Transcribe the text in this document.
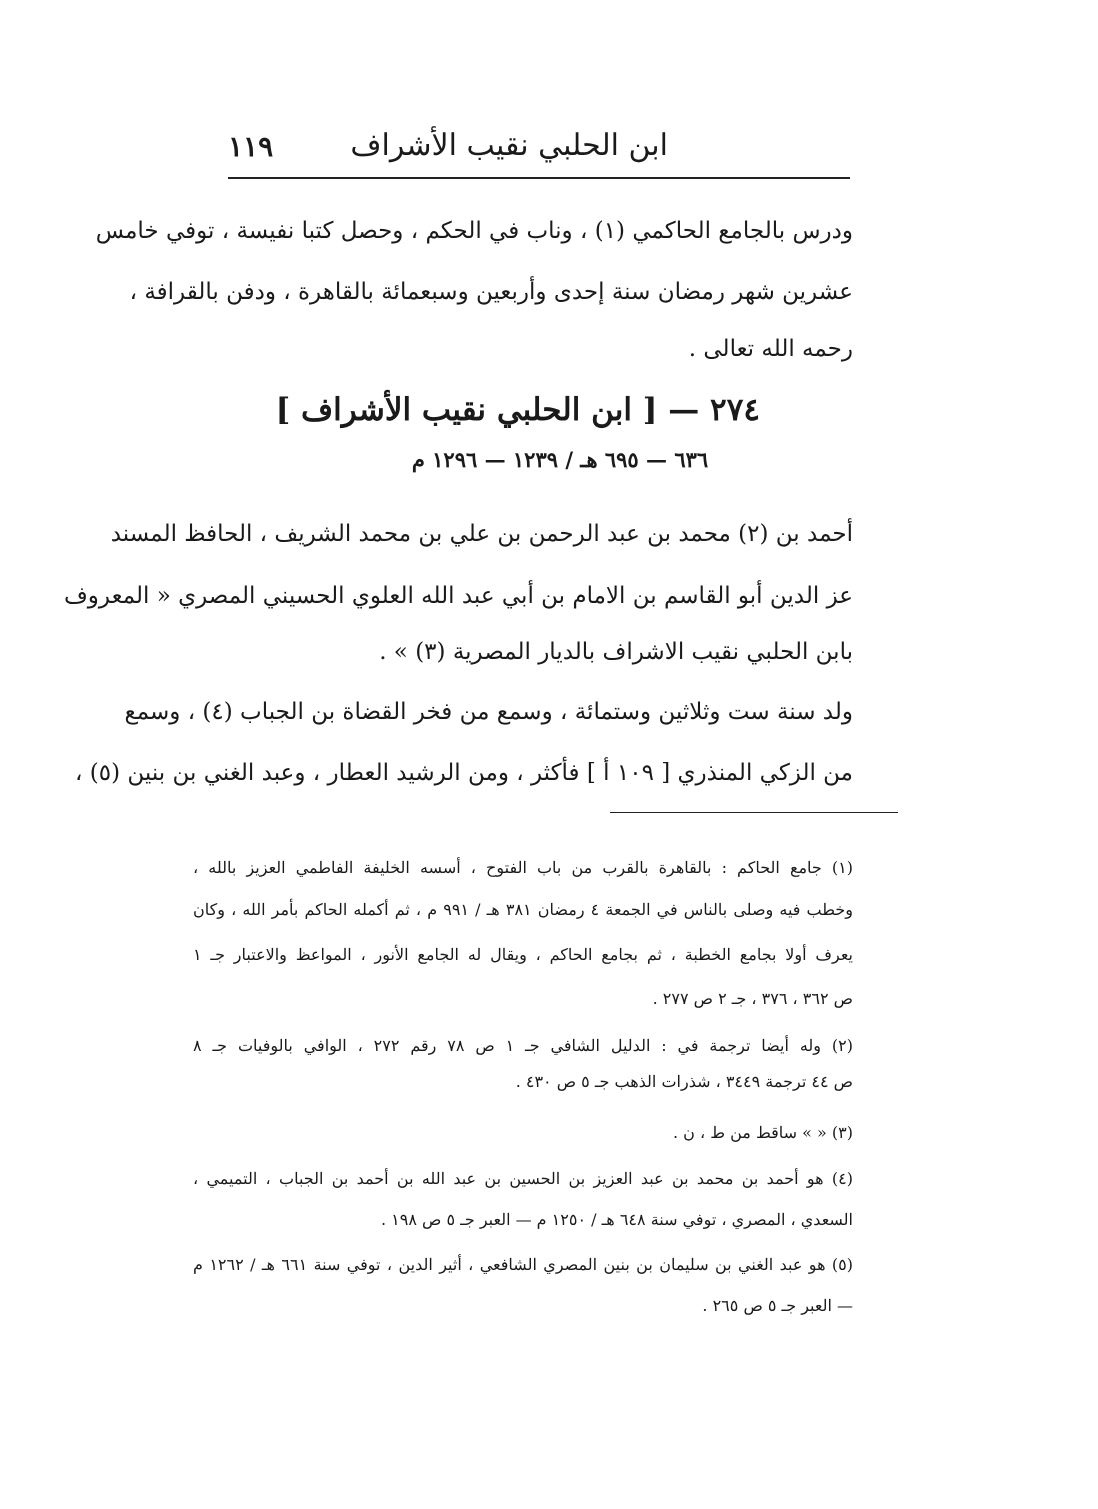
١١٩	ابن الحلبي نقيب الأشراف
ودرس بالجامع الحاكمي (١) ، وناب في الحكم ، وحصل كتبا نفيسة ، توفي خامس
عشرين شهر رمضان سنة إحدى وأربعين وسبعمائة بالقاهرة ، ودفن بالقرافة ،
رحمه الله تعالى .
٢٧٤ — [ ابن الحلبي نقيب الأشراف ]
٦٣٦ — ٦٩٥ هـ / ١٢٣٩ — ١٢٩٦ م
أحمد بن (٢) محمد بن عبد الرحمن بن علي بن محمد الشريف ، الحافظ المسند
عز الدين أبو القاسم بن الامام بن أبي عبد الله العلوي الحسيني المصري « المعروف
بابن الحلبي نقيب الاشراف بالديار المصرية (٣) » .
ولد سنة ست وثلاثين وستمائة ، وسمع من فخر القضاة بن الجباب (٤) ، وسمع
من الزكي المنذري [ ١٠٩ أ ] فأكثر ، ومن الرشيد العطار ، وعبد الغني بن بنين (٥) ،
(١) جامع الحاكم : بالقاهرة بالقرب من باب الفتوح ، أسسه الخليفة الفاطمي العزيز بالله ،
وخطب فيه وصلى بالناس في الجمعة ٤ رمضان ٣٨١ هـ / ٩٩١ م ، ثم أكمله الحاكم بأمر الله ، وكان
يعرف أولا بجامع الخطبة ، ثم بجامع الحاكم ، ويقال له الجامع الأنور ، المواعظ والاعتبار جـ ١
ص ٣٦٢ ، ٣٧٦ ، جـ ٢ ص ٢٧٧ .
(٢) وله أيضا ترجمة في : الدليل الشافي جـ ١ ص ٧٨ رقم ٢٧٢ ، الوافي بالوفيات جـ ٨
ص ٤٤ ترجمة ٣٤٤٩ ، شذرات الذهب جـ ٥ ص ٤٣٠ .
(٣) « » ساقط من ط ، ن .
(٤) هو أحمد بن محمد بن عبد العزيز بن الحسين بن عبد الله بن أحمد بن الجباب ، التميمي ،
السعدي ، المصري ، توفي سنة ٦٤٨ هـ / ١٢٥٠ م — العبر جـ ٥ ص ١٩٨ .
(٥) هو عبد الغني بن سليمان بن بنين المصري الشافعي ، أثير الدين ، توفي سنة ٦٦١ هـ / ١٢٦٢ م
— العبر جـ ٥ ص ٢٦٥ .
